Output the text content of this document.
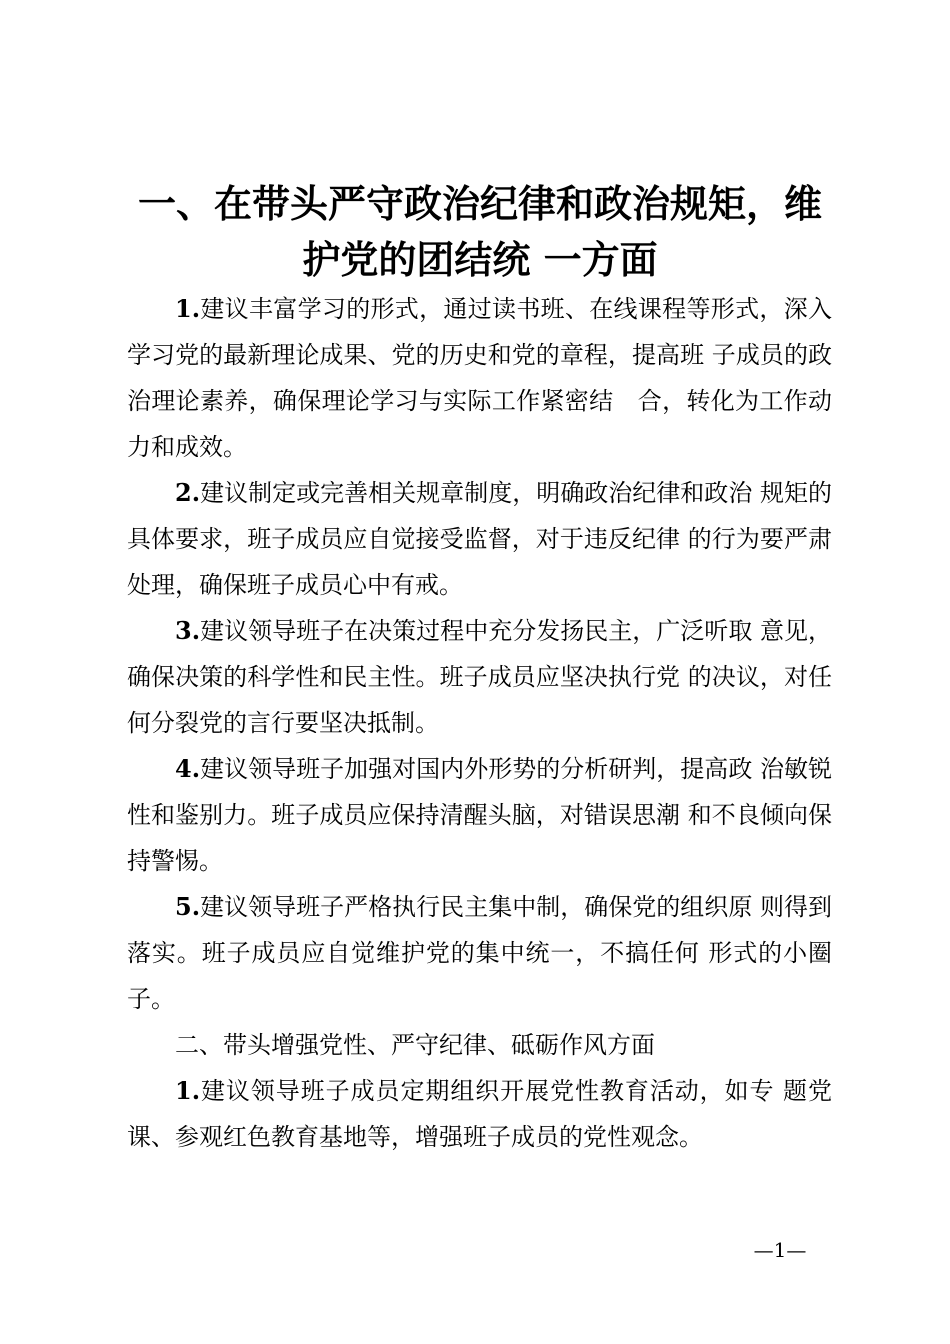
一、在带头严守政治纪律和政治规矩，维护党的团结统 一方面

1.建议丰富学习的形式，通过读书班、在线课程等形式，深入学习党的最新理论成果、党的历史和党的章程，提高班 子成员的政治理论素养，确保理论学习与实际工作紧密结　合，转化为工作动力和成效。

2.建议制定或完善相关规章制度，明确政治纪律和政治 规矩的具体要求，班子成员应自觉接受监督，对于违反纪律 的行为要严肃处理，确保班子成员心中有戒。

3.建议领导班子在决策过程中充分发扬民主，广泛听取 意见，确保决策的科学性和民主性。班子成员应坚决执行党 的决议，对任何分裂党的言行要坚决抵制。

4.建议领导班子加强对国内外形势的分析研判，提高政 治敏锐性和鉴别力。班子成员应保持清醒头脑，对错误思潮 和不良倾向保持警惕。

5.建议领导班子严格执行民主集中制，确保党的组织原 则得到落实。班子成员应自觉维护党的集中统一，不搞任何 形式的小圈子。

二、带头增强党性、严守纪律、砥砺作风方面

1.建议领导班子成员定期组织开展党性教育活动，如专 题党课、参观红色教育基地等，增强班子成员的党性观念。

—1—
